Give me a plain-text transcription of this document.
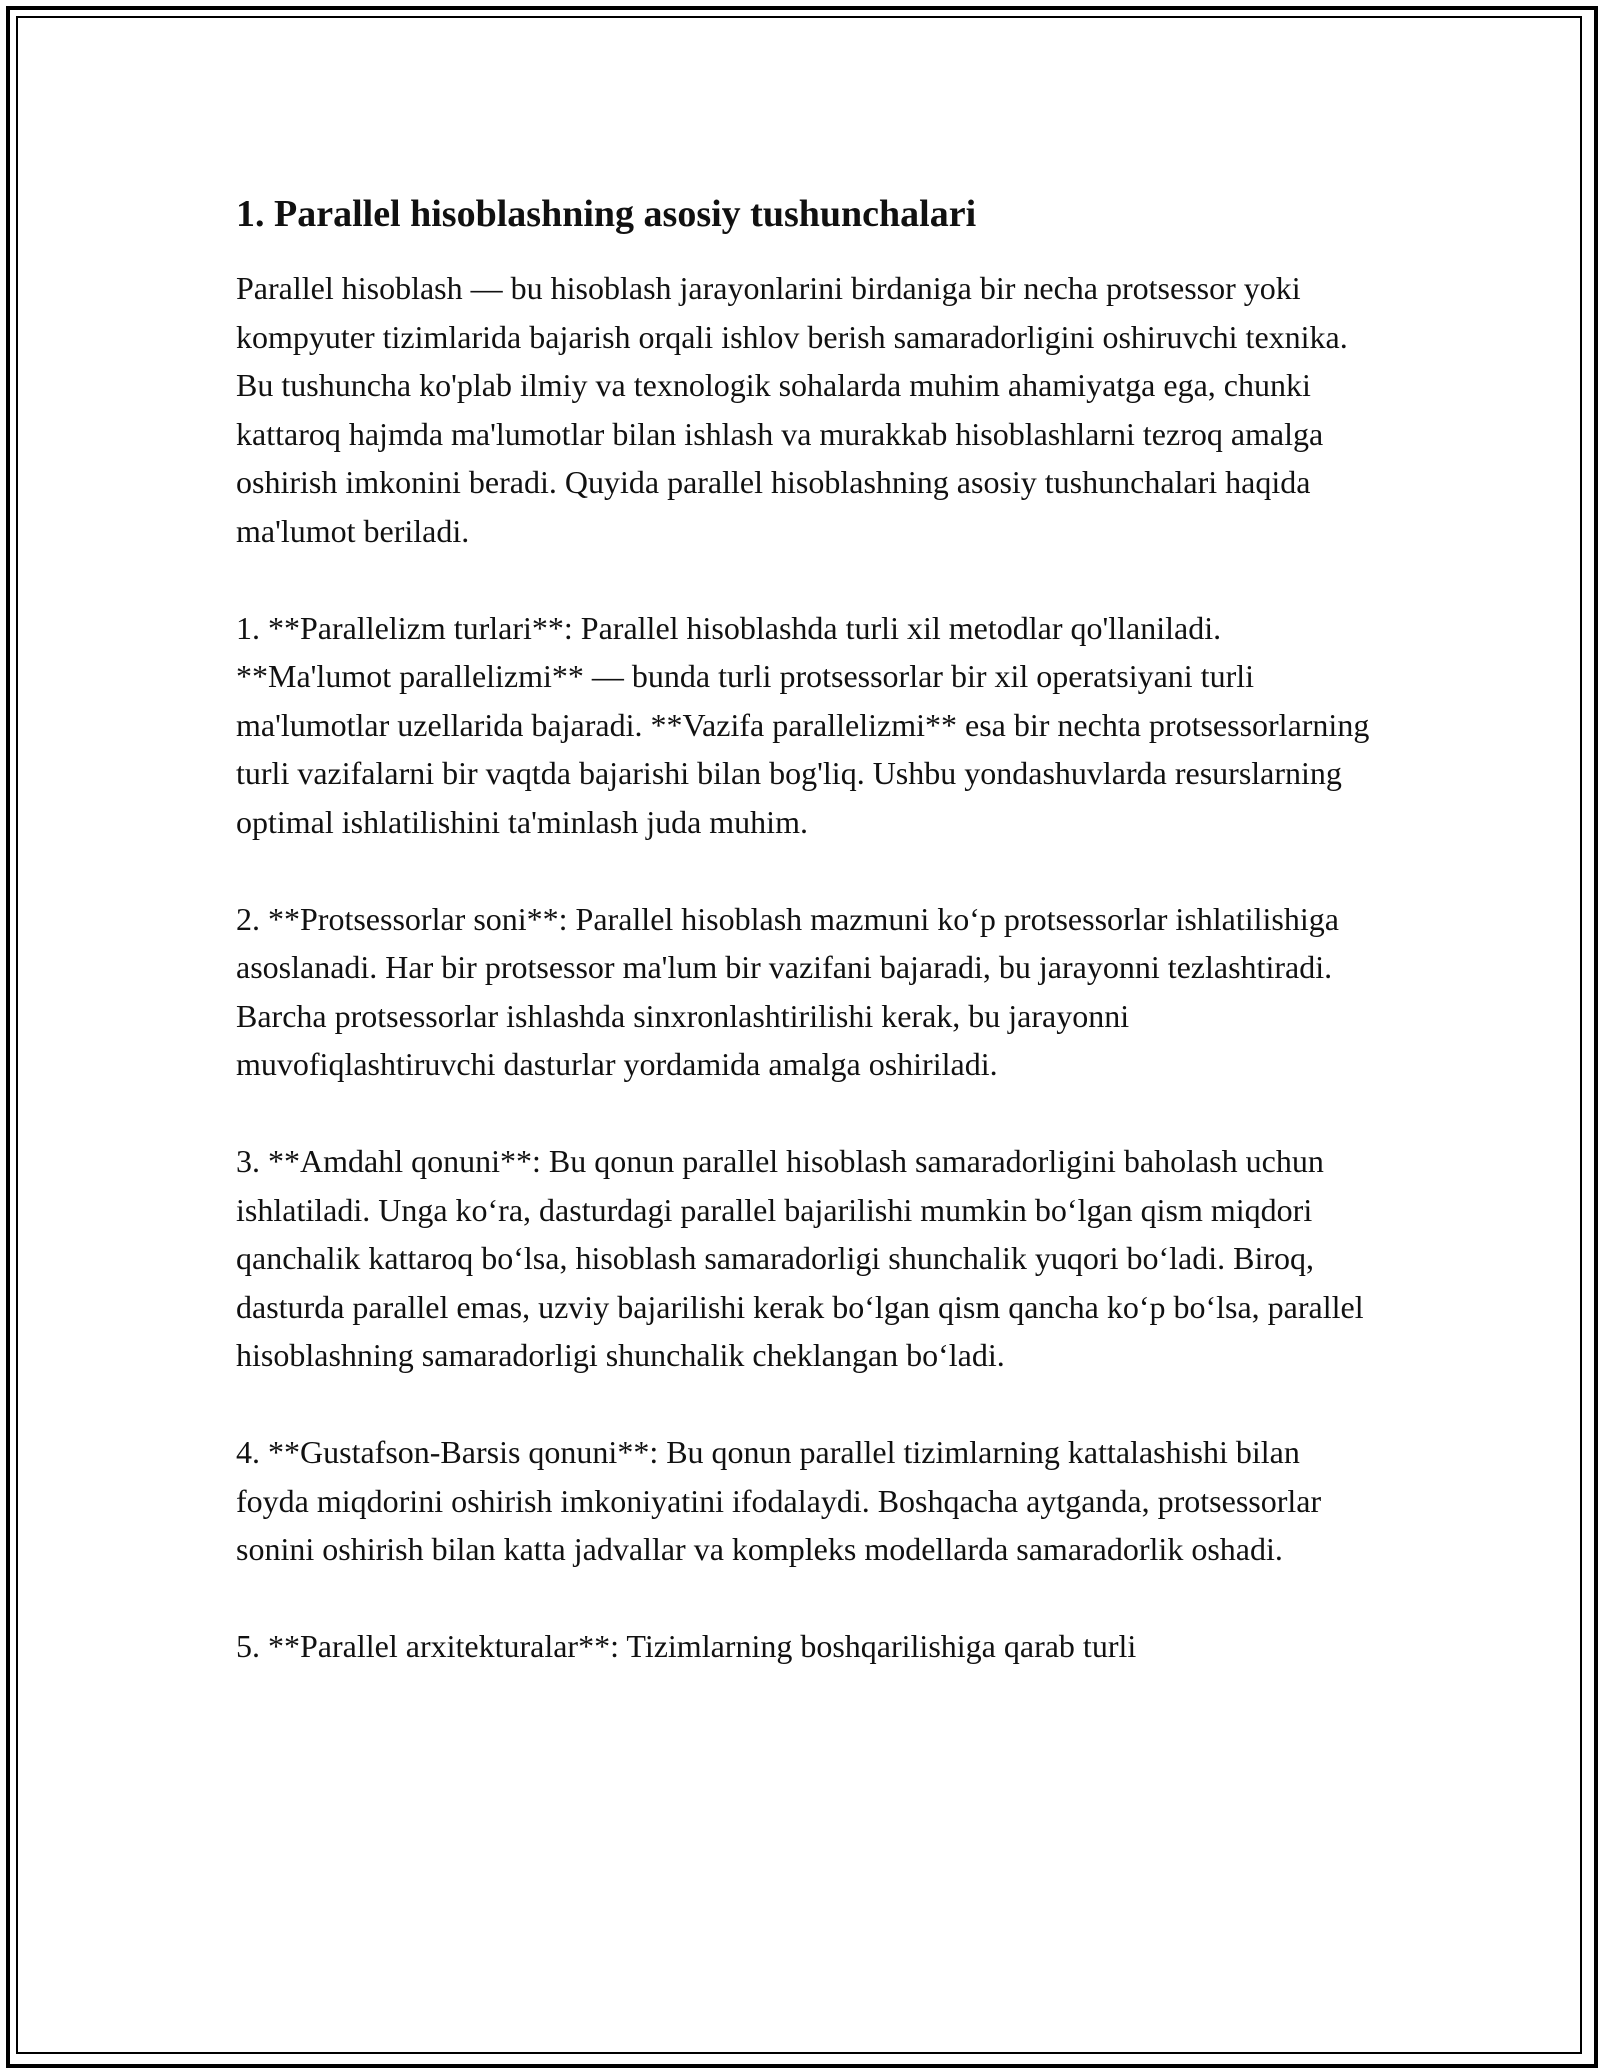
1. Parallel hisoblashning asosiy tushunchalari

Parallel hisoblash — bu hisoblash jarayonlarini birdaniga bir necha protsessor yoki kompyuter tizimlarida bajarish orqali ishlov berish samaradorligini oshiruvchi texnika. Bu tushuncha ko'plab ilmiy va texnologik sohalarda muhim ahamiyatga ega, chunki kattaroq hajmda ma'lumotlar bilan ishlash va murakkab hisoblashlarni tezroq amalga oshirish imkonini beradi. Quyida parallel hisoblashning asosiy tushunchalari haqida ma'lumot beriladi.

1. **Parallelizm turlari**: Parallel hisoblashda turli xil metodlar qo'llaniladi. **Ma'lumot parallelizmi** — bunda turli protsessorlar bir xil operatsiyani turli ma'lumotlar uzellarida bajaradi. **Vazifa parallelizmi** esa bir nechta protsessorlarning turli vazifalarni bir vaqtda bajarishi bilan bog'liq. Ushbu yondashuvlarda resurslarning optimal ishlatilishini ta'minlash juda muhim.

2. **Protsessorlar soni**: Parallel hisoblash mazmuni koʻp protsessorlar ishlatilishiga asoslanadi. Har bir protsessor ma'lum bir vazifani bajaradi, bu jarayonni tezlashtiradi. Barcha protsessorlar ishlashda sinxronlashtirilishi kerak, bu jarayonni muvofiqlashtiruvchi dasturlar yordamida amalga oshiriladi.

3. **Amdahl qonuni**: Bu qonun parallel hisoblash samaradorligini baholash uchun ishlatiladi. Unga koʻra, dasturdagi parallel bajarilishi mumkin boʻlgan qism miqdori qanchalik kattaroq boʻlsa, hisoblash samaradorligi shunchalik yuqori boʻladi. Biroq, dasturda parallel emas, uzviy bajarilishi kerak boʻlgan qism qancha koʻp boʻlsa, parallel hisoblashning samaradorligi shunchalik cheklangan boʻladi.

4. **Gustafson-Barsis qonuni**: Bu qonun parallel tizimlarning kattalashishi bilan foyda miqdorini oshirish imkoniyatini ifodalaydi. Boshqacha aytganda, protsessorlar sonini oshirish bilan katta jadvallar va kompleks modellarda samaradorlik oshadi.

5. **Parallel arxitekturalar**: Tizimlarning boshqarilishiga qarab turli
